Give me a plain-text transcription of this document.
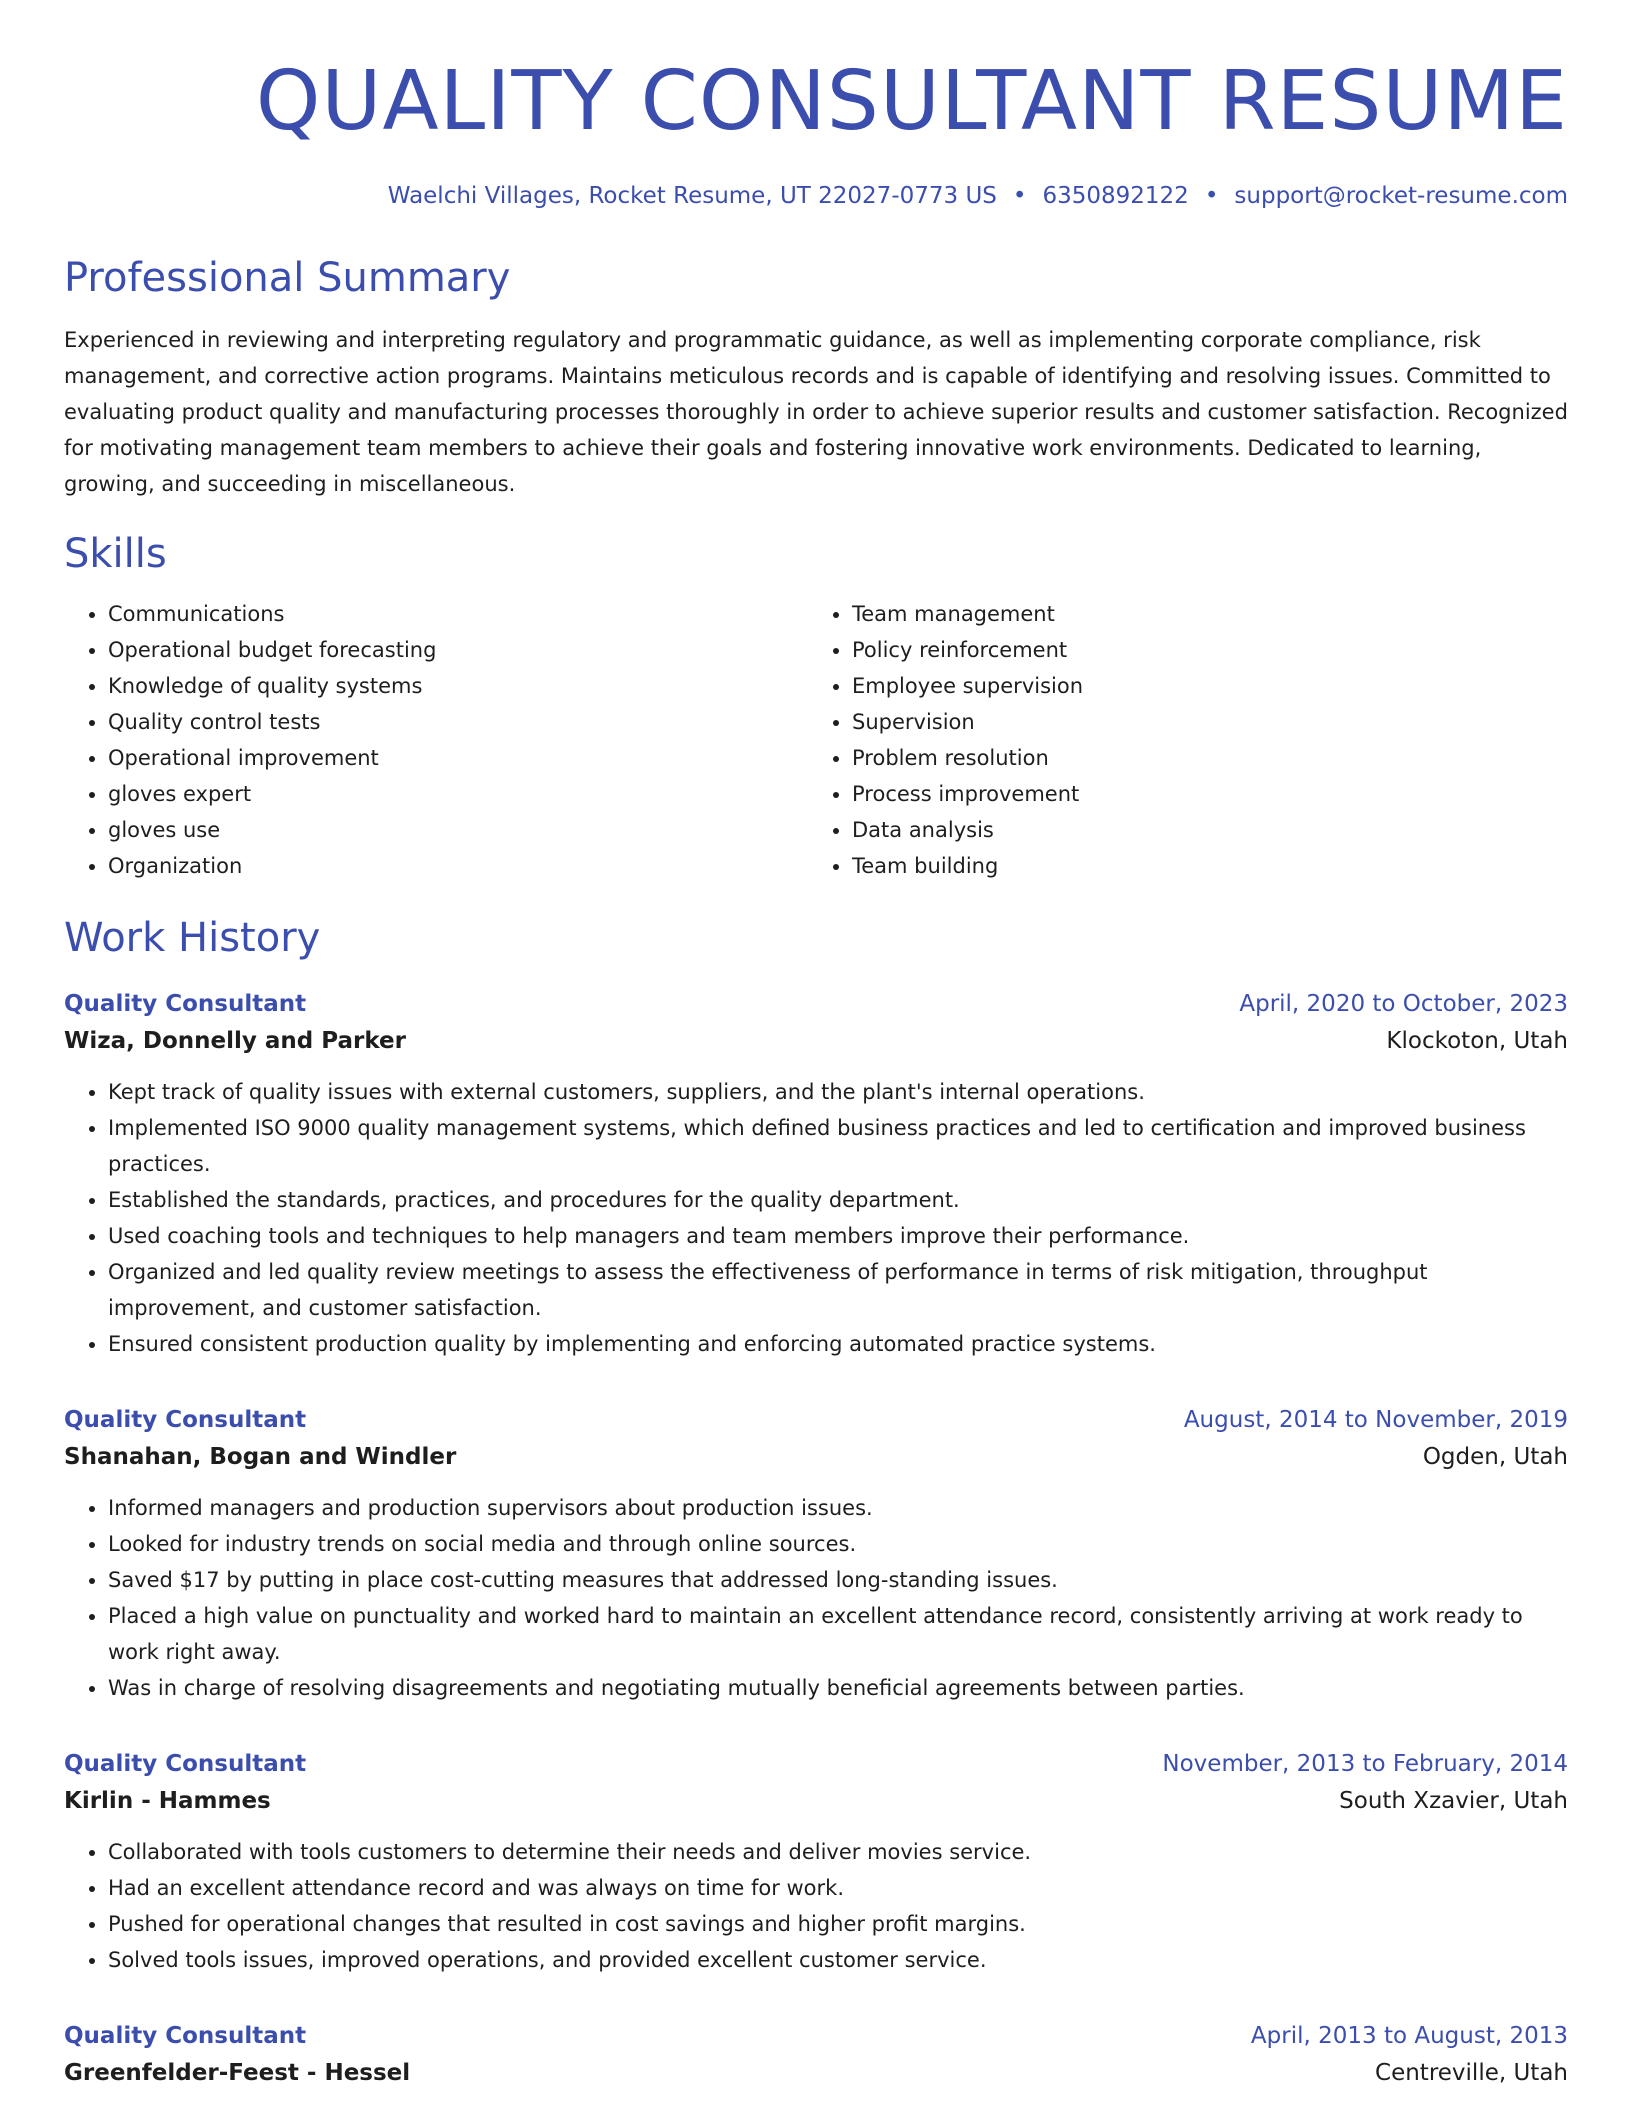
QUALITY CONSULTANT RESUME
Waelchi Villages, Rocket Resume, UT 22027-0773 US • 6350892122 • support@rocket-resume.com
Professional Summary

Experienced in reviewing and interpreting regulatory and programmatic guidance, as well as implementing corporate compliance, risk management, and corrective action programs. Maintains meticulous records and is capable of identifying and resolving issues. Committed to evaluating product quality and manufacturing processes thoroughly in order to achieve superior results and customer satisfaction. Recognized for motivating management team members to achieve their goals and fostering innovative work environments. Dedicated to learning, growing, and succeeding in miscellaneous.

Skills
• Communications
• Operational budget forecasting
• Knowledge of quality systems
• Quality control tests
• Operational improvement
• gloves expert
• gloves use
• Organization
• Team management
• Policy reinforcement
• Employee supervision
• Supervision
• Problem resolution
• Process improvement
• Data analysis
• Team building
Work History
Quality Consultant	April, 2020 to October, 2023
Wiza, Donnelly and Parker	Klockoton, Utah
• Kept track of quality issues with external customers, suppliers, and the plant's internal operations.
• Implemented ISO 9000 quality management systems, which defined business practices and led to certification and improved business practices.
• Established the standards, practices, and procedures for the quality department.
• Used coaching tools and techniques to help managers and team members improve their performance.
• Organized and led quality review meetings to assess the effectiveness of performance in terms of risk mitigation, throughput improvement, and customer satisfaction.
• Ensured consistent production quality by implementing and enforcing automated practice systems.
Quality Consultant	August, 2014 to November, 2019
Shanahan, Bogan and Windler	Ogden, Utah
• Informed managers and production supervisors about production issues.
• Looked for industry trends on social media and through online sources.
• Saved $17 by putting in place cost-cutting measures that addressed long-standing issues.
• Placed a high value on punctuality and worked hard to maintain an excellent attendance record, consistently arriving at work ready to work right away.
• Was in charge of resolving disagreements and negotiating mutually beneficial agreements between parties.
Quality Consultant	November, 2013 to February, 2014
Kirlin - Hammes	South Xzavier, Utah
• Collaborated with tools customers to determine their needs and deliver movies service.
• Had an excellent attendance record and was always on time for work.
• Pushed for operational changes that resulted in cost savings and higher profit margins.
• Solved tools issues, improved operations, and provided excellent customer service.
Quality Consultant	April, 2013 to August, 2013
Greenfelder-Feest - Hessel	Centreville, Utah
